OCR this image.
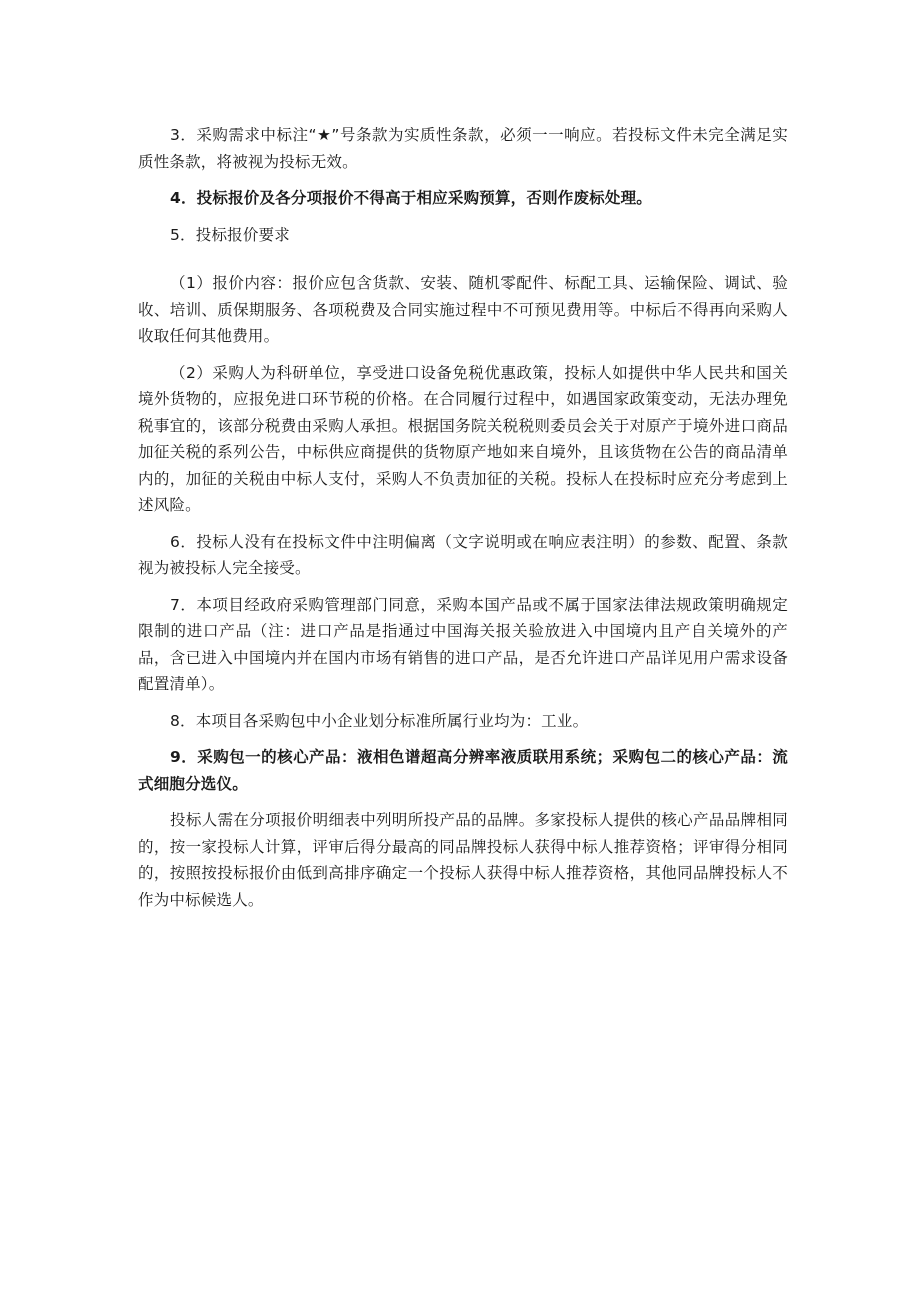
3．采购需求中标注“★”号条款为实质性条款，必须一一响应。若投标文件未完全满足实质性条款，将被视为投标无效。

4．投标报价及各分项报价不得高于相应采购预算，否则作废标处理。

5．投标报价要求

（1）报价内容：报价应包含货款、安装、随机零配件、标配工具、运输保险、调试、验收、培训、质保期服务、各项税费及合同实施过程中不可预见费用等。中标后不得再向采购人收取任何其他费用。

（2）采购人为科研单位，享受进口设备免税优惠政策，投标人如提供中华人民共和国关境外货物的，应报免进口环节税的价格。在合同履行过程中，如遇国家政策变动，无法办理免税事宜的，该部分税费由采购人承担。根据国务院关税税则委员会关于对原产于境外进口商品加征关税的系列公告，中标供应商提供的货物原产地如来自境外，且该货物在公告的商品清单内的，加征的关税由中标人支付，采购人不负责加征的关税。投标人在投标时应充分考虑到上述风险。

6．投标人没有在投标文件中注明偏离（文字说明或在响应表注明）的参数、配置、条款视为被投标人完全接受。

7．本项目经政府采购管理部门同意，采购本国产品或不属于国家法律法规政策明确规定限制的进口产品（注：进口产品是指通过中国海关报关验放进入中国境内且产自关境外的产品，含已进入中国境内并在国内市场有销售的进口产品，是否允许进口产品详见用户需求设备配置清单）。

8．本项目各采购包中小企业划分标准所属行业均为：工业。

9．采购包一的核心产品：液相色谱超高分辨率液质联用系统；采购包二的核心产品：流式细胞分选仪。

投标人需在分项报价明细表中列明所投产品的品牌。多家投标人提供的核心产品品牌相同的，按一家投标人计算，评审后得分最高的同品牌投标人获得中标人推荐资格；评审得分相同的，按照按投标报价由低到高排序确定一个投标人获得中标人推荐资格，其他同品牌投标人不作为中标候选人。
